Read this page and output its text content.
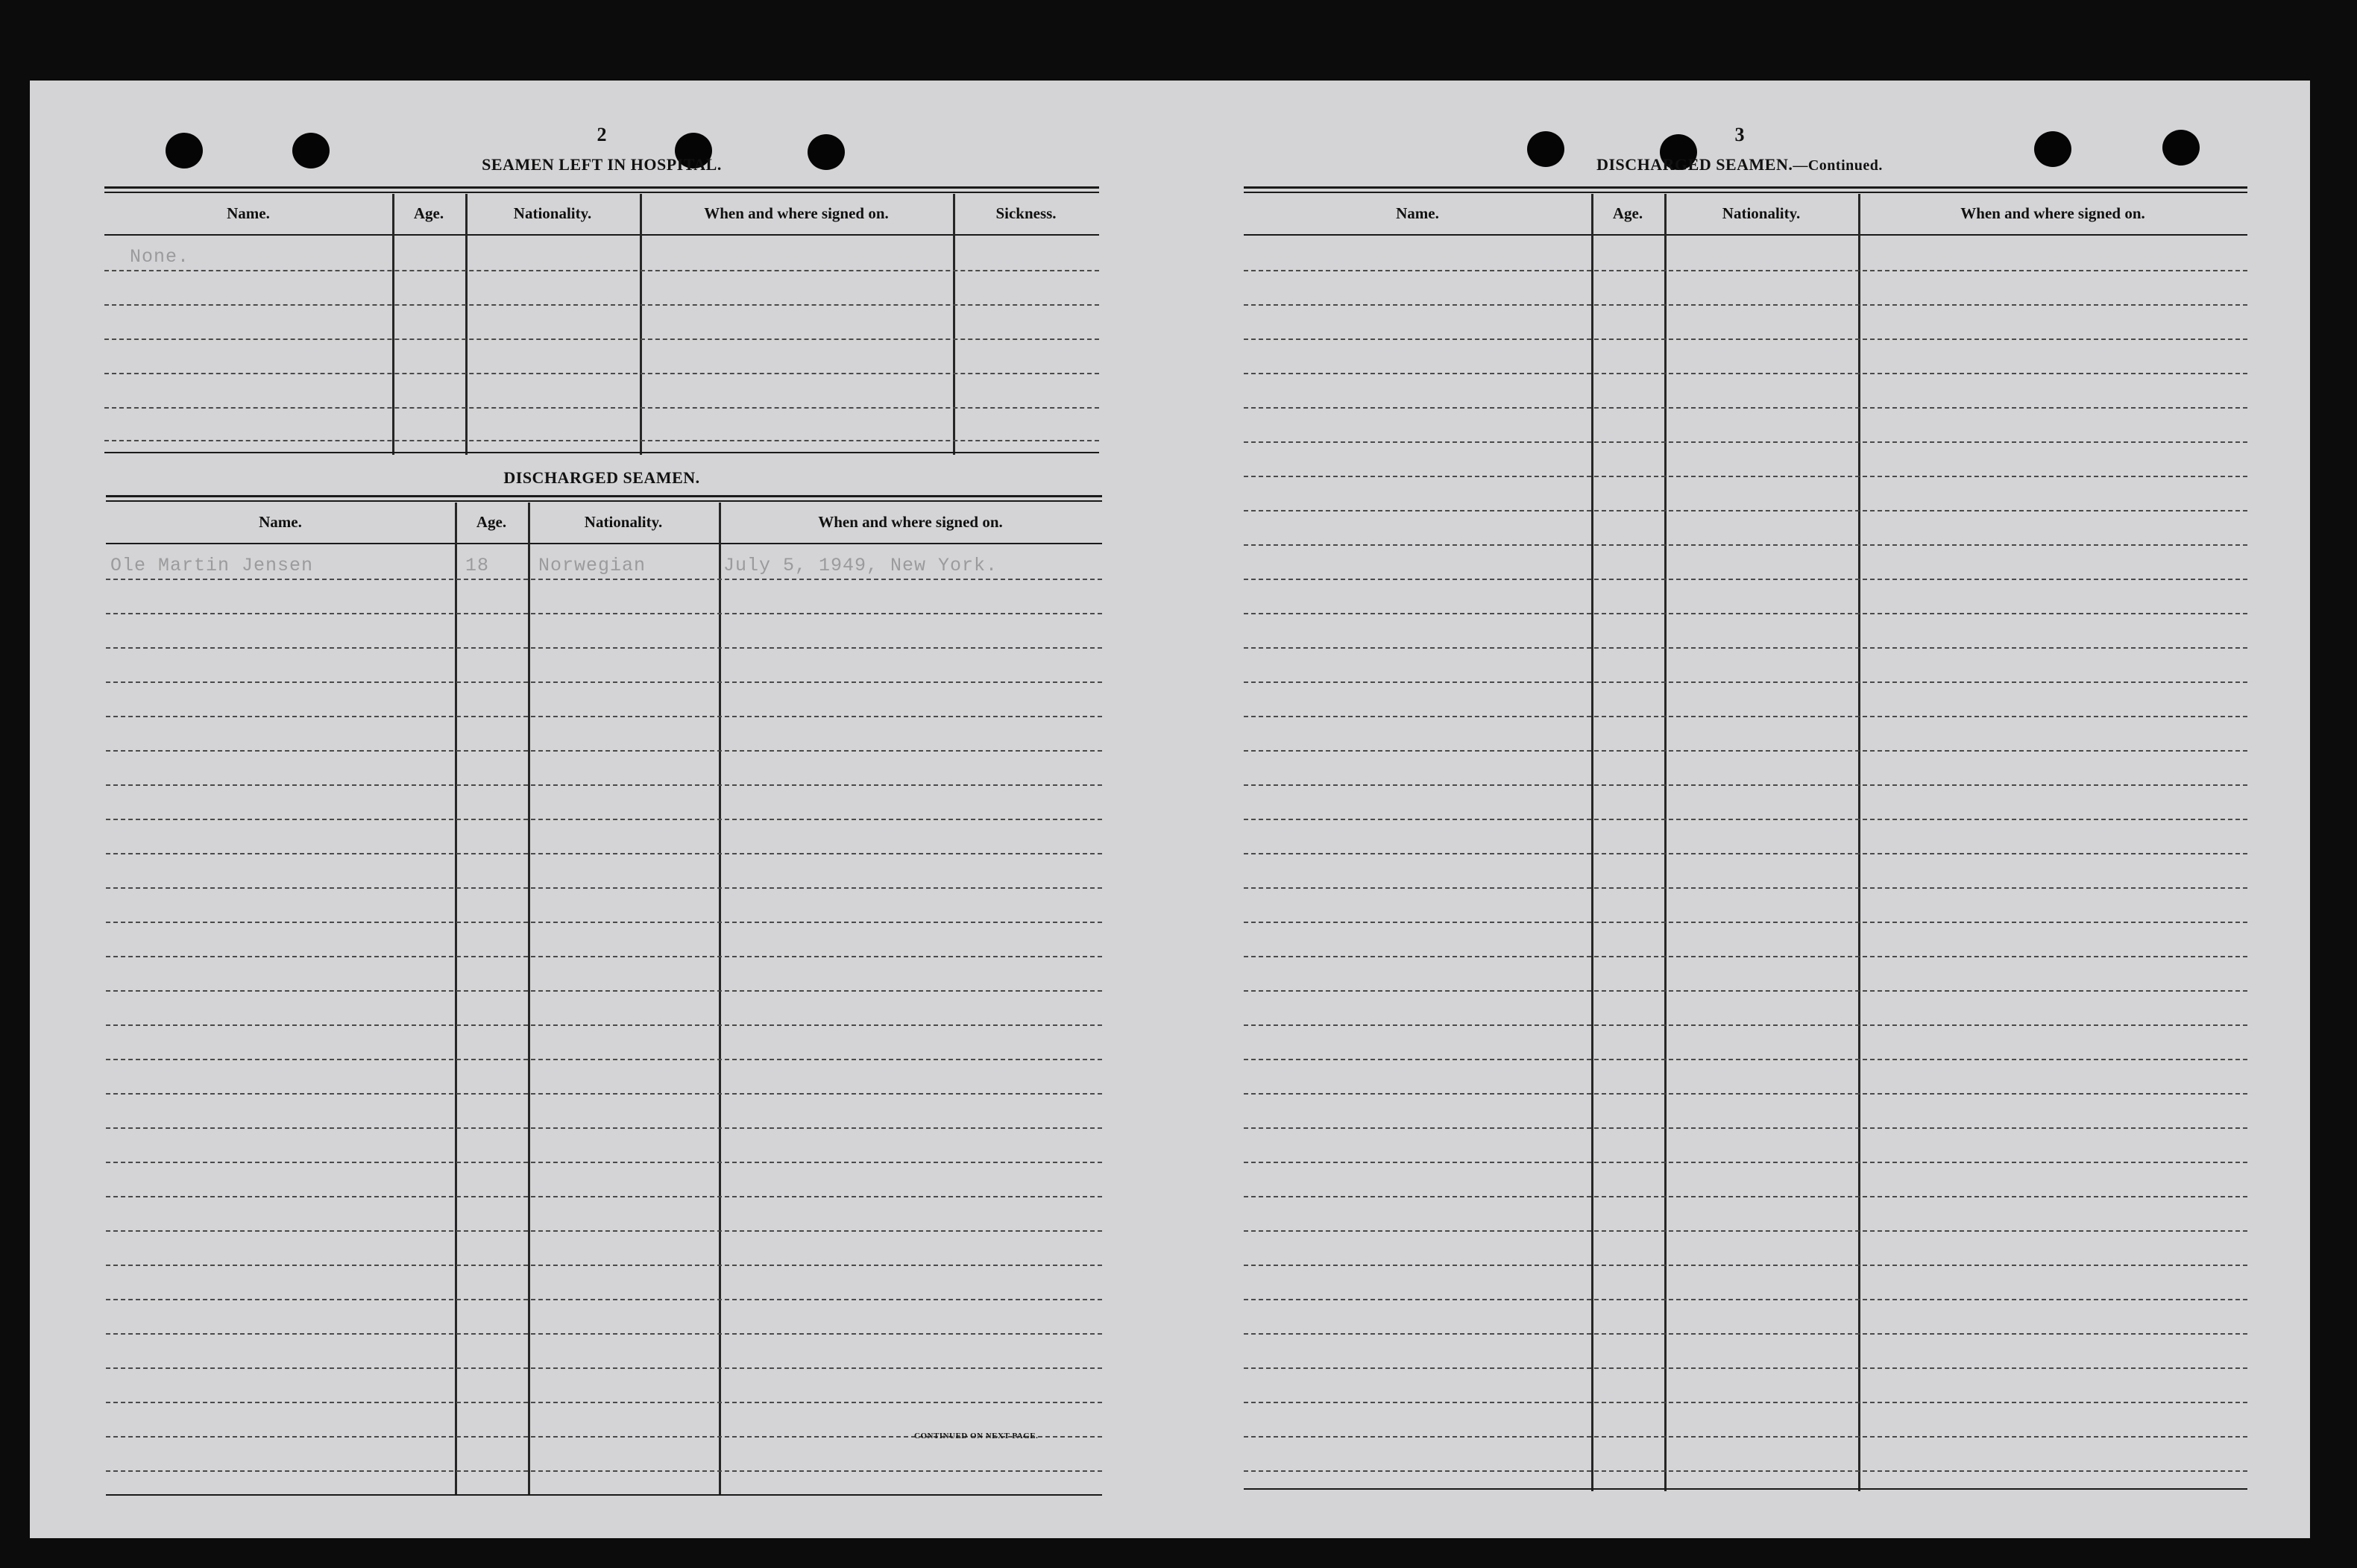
2
SEAMEN LEFT IN HOSPITAL.
Name.	Age.	Nationality.	When and where signed on.	Sickness.
None.
DISCHARGED SEAMEN.
Name.	Age.	Nationality.	When and where signed on.
Ole Martin Jensen	18	Norwegian	July 5, 1949, New York.
CONTINUED ON NEXT PAGE.
3
DISCHARGED SEAMEN.—Continued.
Name.	Age.	Nationality.	When and where signed on.
